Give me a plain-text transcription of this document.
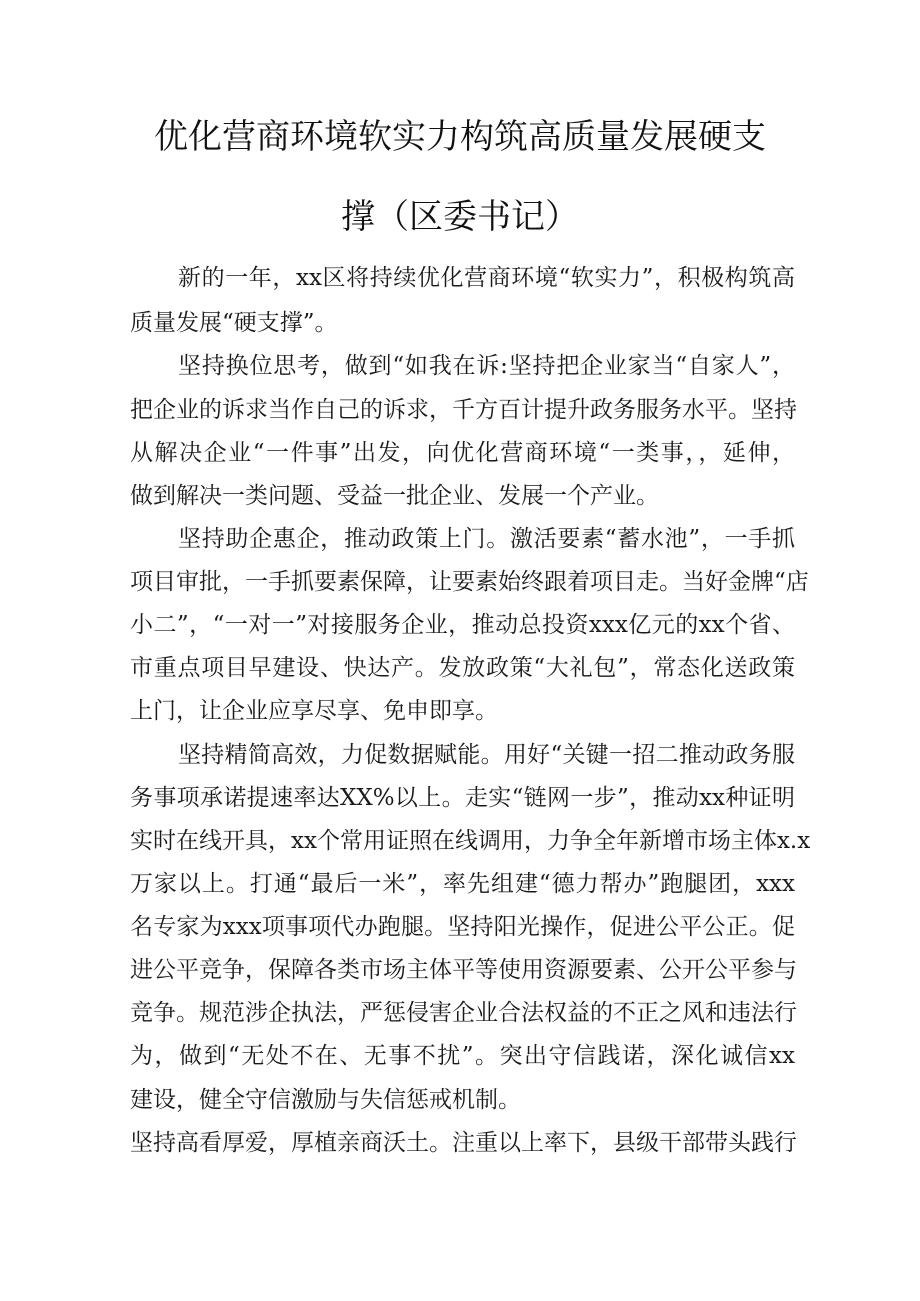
优化营商环境软实力构筑高质量发展硬支
撑（区委书记）
新的一年，xx区将持续优化营商环境“软实力”，积极构筑高
质量发展“硬支撑”。
坚持换位思考，做到“如我在诉:坚持把企业家当“自家人”，
把企业的诉求当作自己的诉求，千方百计提升政务服务水平。坚持
从解决企业“一件事”出发，向优化营商环境“一类事，，延伸，
做到解决一类问题、受益一批企业、发展一个产业。
坚持助企惠企，推动政策上门。激活要素“蓄水池”，一手抓
项目审批，一手抓要素保障，让要素始终跟着项目走。当好金牌“店
小二”，“一对一”对接服务企业，推动总投资xxx亿元的xx个省、
市重点项目早建设、快达产。发放政策“大礼包”，常态化送政策
上门，让企业应享尽享、免申即享。
坚持精简高效，力促数据赋能。用好“关键一招二推动政务服
务事项承诺提速率达XX%以上。走实“链网一步”，推动xx种证明
实时在线开具，xx个常用证照在线调用，力争全年新增市场主体x.x
万家以上。打通“最后一米”，率先组建“德力帮办”跑腿团，xxx
名专家为xxx项事项代办跑腿。坚持阳光操作，促进公平公正。促
进公平竞争，保障各类市场主体平等使用资源要素、公开公平参与
竞争。规范涉企执法，严惩侵害企业合法权益的不正之风和违法行
为，做到“无处不在、无事不扰”。突出守信践诺，深化诚信xx
建设，健全守信激励与失信惩戒机制。
坚持高看厚爱，厚植亲商沃土。注重以上率下，县级干部带头践行
